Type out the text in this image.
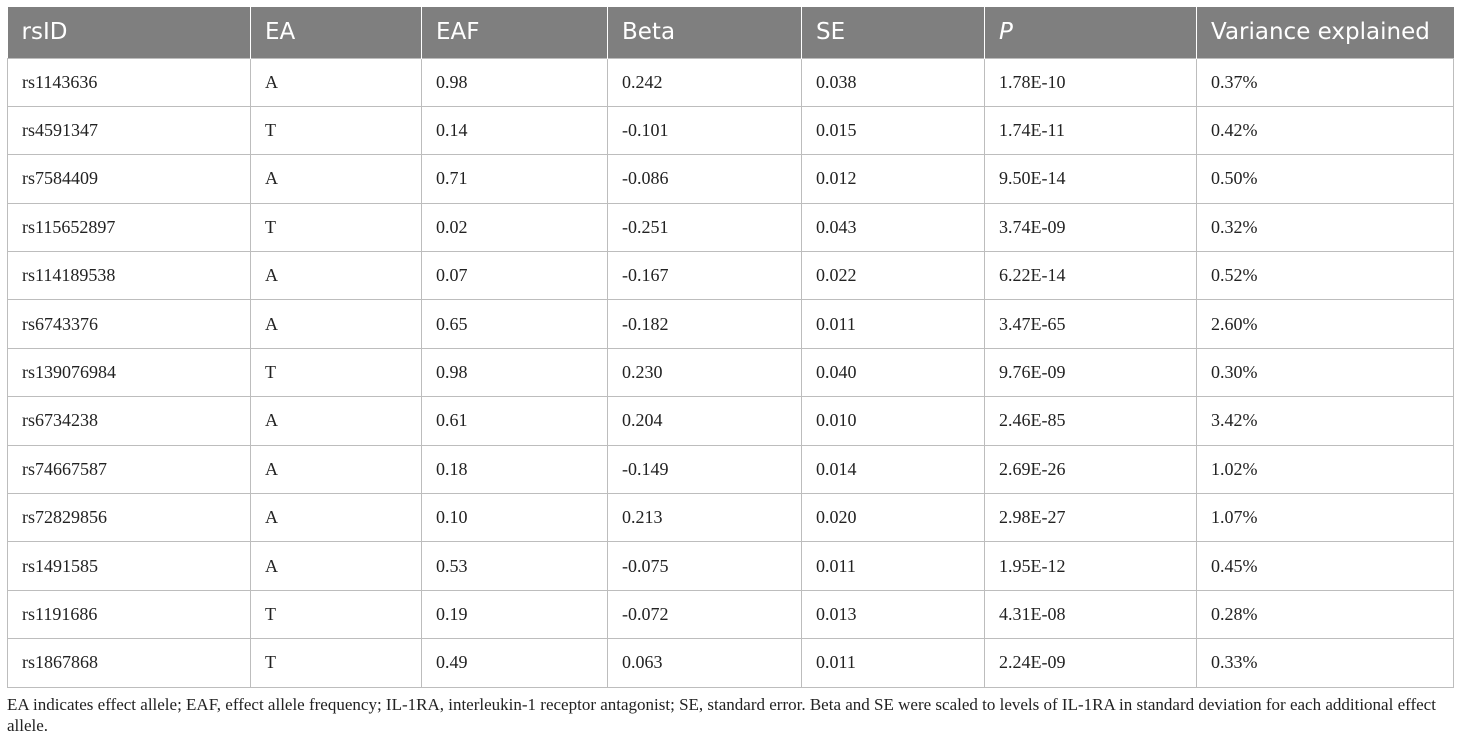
rsID	EA	EAF	Beta	SE	P	Variance explained
rs1143636	A	0.98	0.242	0.038	1.78E-10	0.37%
rs4591347	T	0.14	-0.101	0.015	1.74E-11	0.42%
rs7584409	A	0.71	-0.086	0.012	9.50E-14	0.50%
rs115652897	T	0.02	-0.251	0.043	3.74E-09	0.32%
rs114189538	A	0.07	-0.167	0.022	6.22E-14	0.52%
rs6743376	A	0.65	-0.182	0.011	3.47E-65	2.60%
rs139076984	T	0.98	0.230	0.040	9.76E-09	0.30%
rs6734238	A	0.61	0.204	0.010	2.46E-85	3.42%
rs74667587	A	0.18	-0.149	0.014	2.69E-26	1.02%
rs72829856	A	0.10	0.213	0.020	2.98E-27	1.07%
rs1491585	A	0.53	-0.075	0.011	1.95E-12	0.45%
rs1191686	T	0.19	-0.072	0.013	4.31E-08	0.28%
rs1867868	T	0.49	0.063	0.011	2.24E-09	0.33%
EA indicates effect allele; EAF, effect allele frequency; IL-1RA, interleukin-1 receptor antagonist; SE, standard error. Beta and SE were scaled to levels of IL-1RA in standard deviation for each additional effect allele.
